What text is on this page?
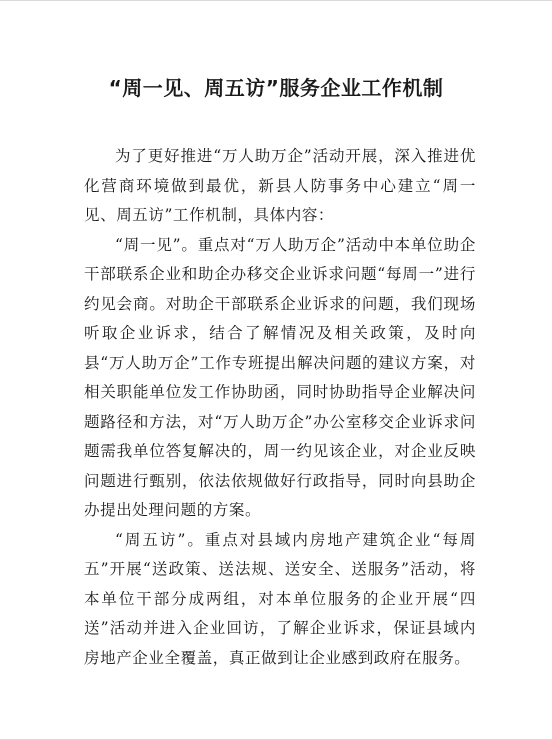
“周一见、周五访”服务企业工作机制

为了更好推进“万人助万企”活动开展，深入推进优化营商环境做到最优，新县人防事务中心建立“周一见、周五访”工作机制，具体内容：

“周一见”。重点对“万人助万企”活动中本单位助企干部联系企业和助企办移交企业诉求问题“每周一”进行约见会商。对助企干部联系企业诉求的问题，我们现场听取企业诉求，结合了解情况及相关政策，及时向县“万人助万企”工作专班提出解决问题的建议方案，对相关职能单位发工作协助函，同时协助指导企业解决问题路径和方法，对“万人助万企”办公室移交企业诉求问题需我单位答复解决的，周一约见该企业，对企业反映问题进行甄别，依法依规做好行政指导，同时向县助企办提出处理问题的方案。

“周五访”。重点对县域内房地产建筑企业“每周五”开展“送政策、送法规、送安全、送服务”活动，将本单位干部分成两组，对本单位服务的企业开展“四送”活动并进入企业回访，了解企业诉求，保证县域内房地产企业全覆盖，真正做到让企业感到政府在服务。
